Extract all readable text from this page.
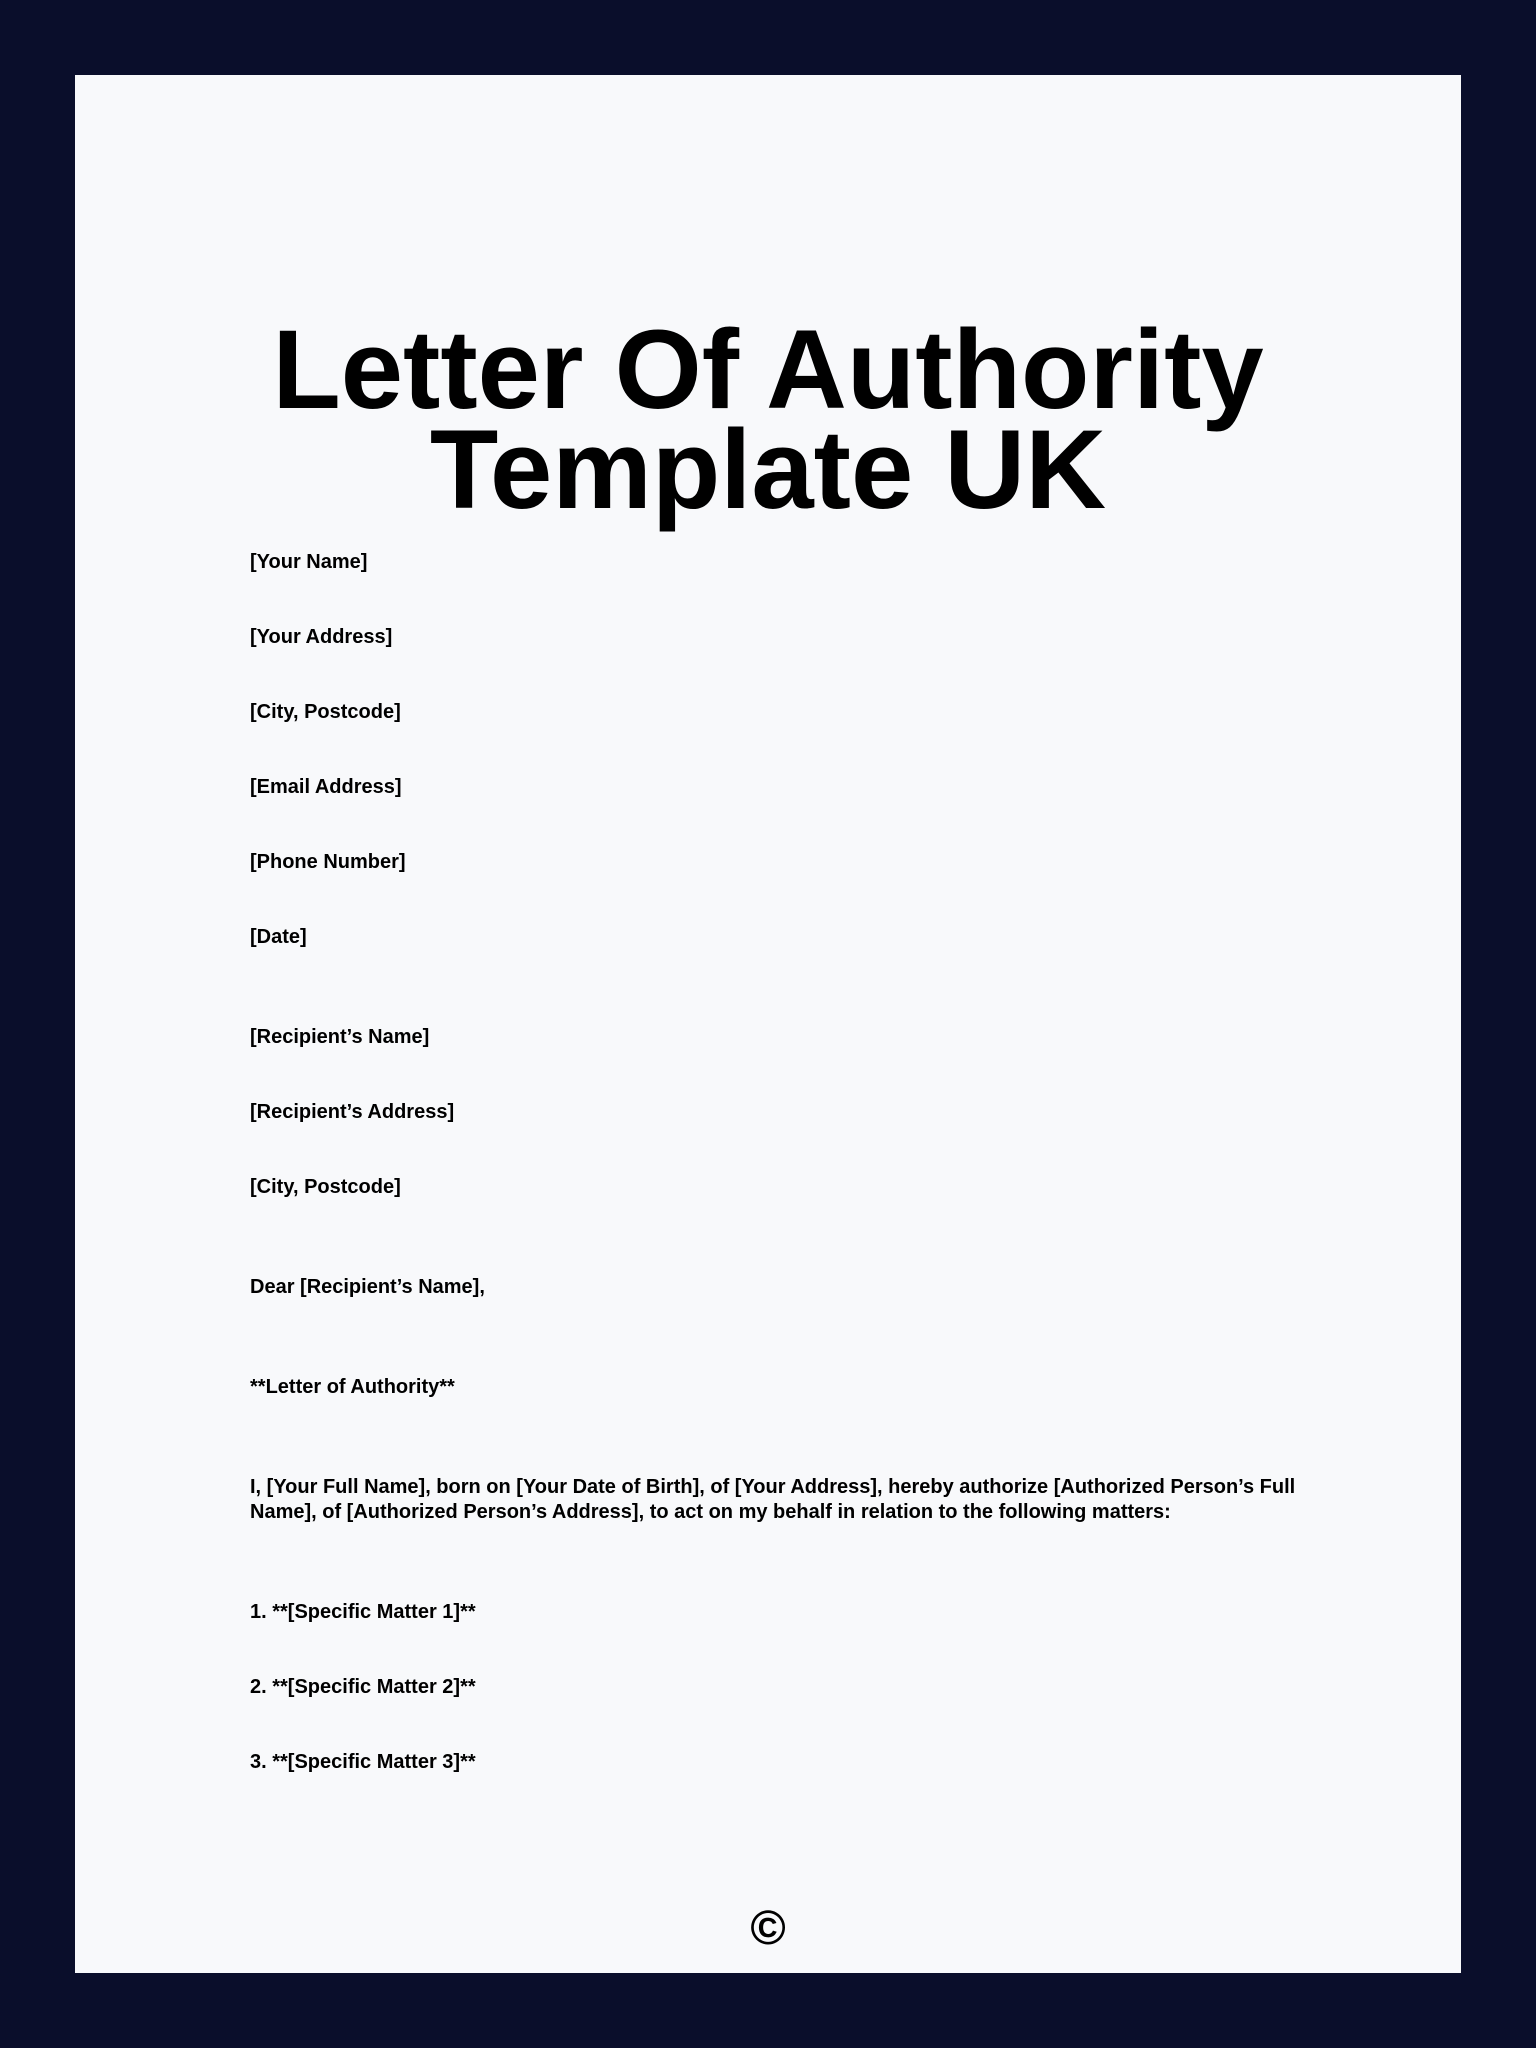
Letter Of Authority Template UK

[Your Name]

[Your Address]

[City, Postcode]

[Email Address]

[Phone Number]

[Date]

[Recipient’s Name]

[Recipient’s Address]

[City, Postcode]

Dear [Recipient’s Name],

**Letter of Authority**

I, [Your Full Name], born on [Your Date of Birth], of [Your Address], hereby authorize [Authorized Person’s Full Name], of [Authorized Person’s Address], to act on my behalf in relation to the following matters:

1. **[Specific Matter 1]**

2. **[Specific Matter 2]**

3. **[Specific Matter 3]**

©
